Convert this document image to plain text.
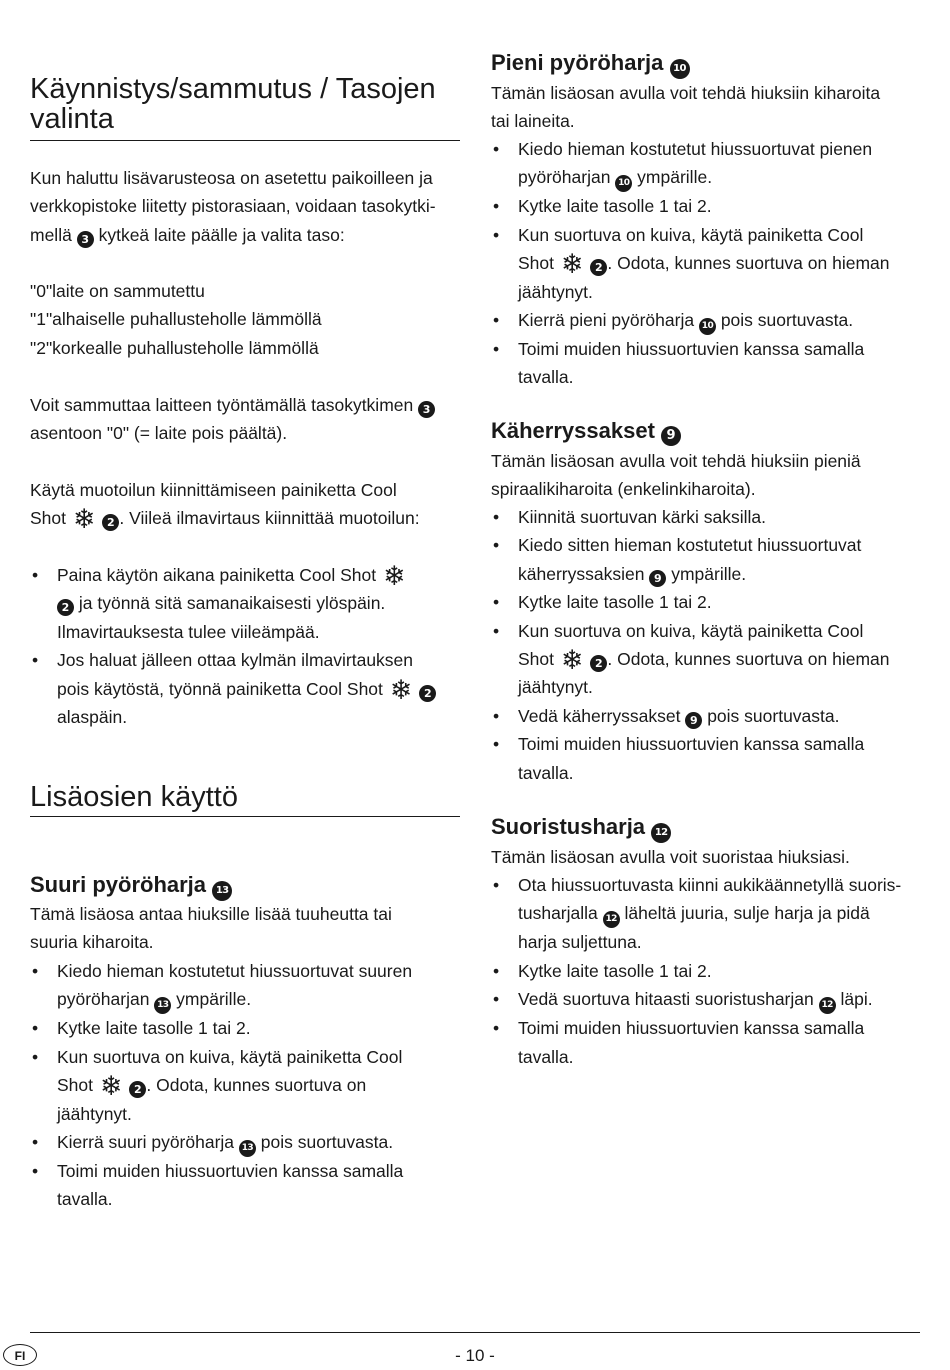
Käynnistys/sammutus / Tasojen
valinta

Kun haluttu lisävarusteosa on asetettu paikoilleen ja
verkkopistoke liitetty pistorasiaan, voidaan tasokytki-
mellä 3 kytkeä laite päälle ja valita taso:

"0"laite on sammutettu
"1"alhaiselle puhallusteholle lämmöllä
"2"korkealle puhallusteholle lämmöllä

Voit sammuttaa laitteen työntämällä tasokytkimen 3
asentoon "0" (= laite pois päältä).

Käytä muotoilun kiinnittämiseen painiketta Cool
Shot ❄ 2 . Viileä ilmavirtaus kiinnittää muotoilun:

• Paina käytön aikana painiketta Cool Shot ❄
2 ja työnnä sitä samanaikaisesti ylöspäin.
Ilmavirtauksesta tulee viileämpää.
• Jos haluat jälleen ottaa kylmän ilmavirtauksen
pois käytöstä, työnnä painiketta Cool Shot ❄ 2
alaspäin.
Lisäosien käyttö
Suuri pyöröharja 13

Tämä lisäosa antaa hiuksille lisää tuuheutta tai
suuria kiharoita.

• Kiedo hieman kostutetut hiussuortuvat suuren
pyöröharjan 13 ympärille.
• Kytke laite tasolle 1 tai 2.
• Kun suortuva on kuiva, käytä painiketta Cool
Shot ❄ 2 . Odota, kunnes suortuva on
jäähtynyt.
• Kierrä suuri pyöröharja 13 pois suortuvasta.
• Toimi muiden hiussuortuvien kanssa samalla
tavalla.
Pieni pyöröharja 10

Tämän lisäosan avulla voit tehdä hiuksiin kiharoita
tai laineita.

• Kiedo hieman kostutetut hiussuortuvat pienen
pyöröharjan 10 ympärille.
• Kytke laite tasolle 1 tai 2.
• Kun suortuva on kuiva, käytä painiketta Cool
Shot ❄ 2 . Odota, kunnes suortuva on hieman
jäähtynyt.
• Kierrä pieni pyöröharja 10 pois suortuvasta.
• Toimi muiden hiussuortuvien kanssa samalla
tavalla.
Käherryssakset 9

Tämän lisäosan avulla voit tehdä hiuksiin pieniä
spiraalikiharoita (enkelinkiharoita).

• Kiinnitä suortuvan kärki saksilla.
• Kiedo sitten hieman kostutetut hiussuortuvat
käherryssaksien 9 ympärille.
• Kytke laite tasolle 1 tai 2.
• Kun suortuva on kuiva, käytä painiketta Cool
Shot ❄ 2 . Odota, kunnes suortuva on hieman
jäähtynyt.
• Vedä käherryssakset 9 pois suortuvasta.
• Toimi muiden hiussuortuvien kanssa samalla
tavalla.
Suoristusharja 12

Tämän lisäosan avulla voit suoristaa hiuksiasi.

• Ota hiussuortuvasta kiinni aukikäännetyllä suoris-
tusharjalla 12 läheltä juuria, sulje harja ja pidä
harja suljettuna.
• Kytke laite tasolle 1 tai 2.
• Vedä suortuva hitaasti suoristusharjan 12 läpi.
• Toimi muiden hiussuortuvien kanssa samalla
tavalla.
FI	- 10 -
